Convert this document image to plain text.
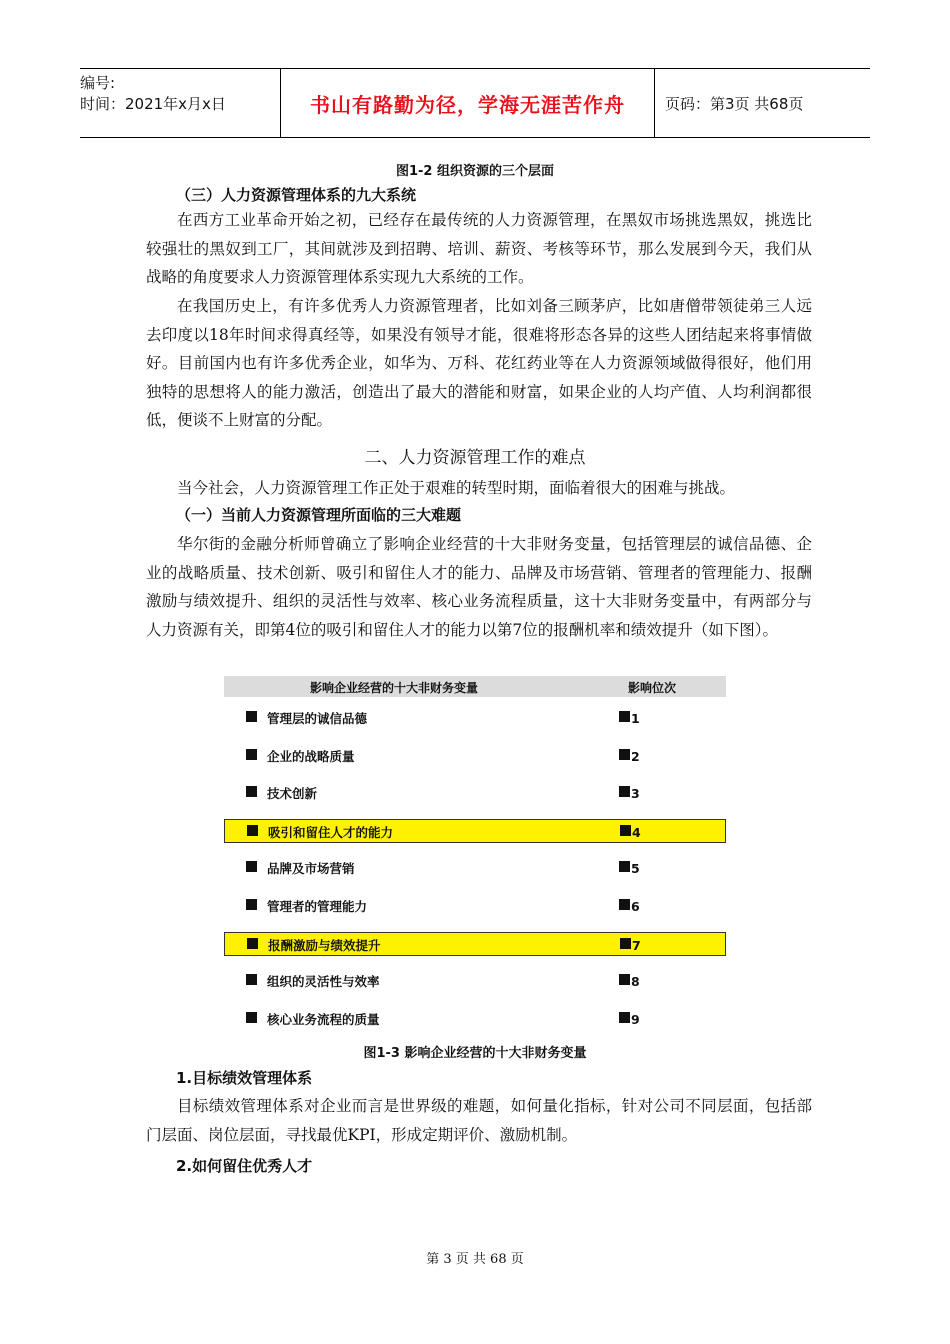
编号:
时间：2021年x月x日	书山有路勤为径，学海无涯苦作舟	页码：第3页 共68页
图1-2 组织资源的三个层面
（三）人力资源管理体系的九大系统
在西方工业革命开始之初，已经存在最传统的人力资源管理，在黑奴市场挑选黑奴，挑选比较强壮的黑奴到工厂，其间就涉及到招聘、培训、薪资、考核等环节，那么发展到今天，我们从战略的角度要求人力资源管理体系实现九大系统的工作。
在我国历史上，有许多优秀人力资源管理者，比如刘备三顾茅庐，比如唐僧带领徒弟三人远去印度以18年时间求得真经等，如果没有领导才能，很难将形态各异的这些人团结起来将事情做好。目前国内也有许多优秀企业，如华为、万科、花红药业等在人力资源领域做得很好，他们用独特的思想将人的能力激活，创造出了最大的潜能和财富，如果企业的人均产值、人均利润都很低，便谈不上财富的分配。
二、人力资源管理工作的难点
当今社会，人力资源管理工作正处于艰难的转型时期，面临着很大的困难与挑战。
（一）当前人力资源管理所面临的三大难题
华尔街的金融分析师曾确立了影响企业经营的十大非财务变量，包括管理层的诚信品德、企业的战略质量、技术创新、吸引和留住人才的能力、品牌及市场营销、管理者的管理能力、报酬激励与绩效提升、组织的灵活性与效率、核心业务流程质量，这十大非财务变量中，有两部分与人力资源有关，即第4位的吸引和留住人才的能力以第7位的报酬机率和绩效提升（如下图）。
影响企业经营的十大非财务变量	影响位次
管理层的诚信品德	1
企业的战略质量	2
技术创新	3
吸引和留住人才的能力	4
品牌及市场营销	5
管理者的管理能力	6
报酬激励与绩效提升	7
组织的灵活性与效率	8
核心业务流程的质量	9
图1-3 影响企业经营的十大非财务变量
1.目标绩效管理体系
目标绩效管理体系对企业而言是世界级的难题，如何量化指标，针对公司不同层面，包括部门层面、岗位层面，寻找最优KPI，形成定期评价、激励机制。
2.如何留住优秀人才
第 3 页 共 68 页
